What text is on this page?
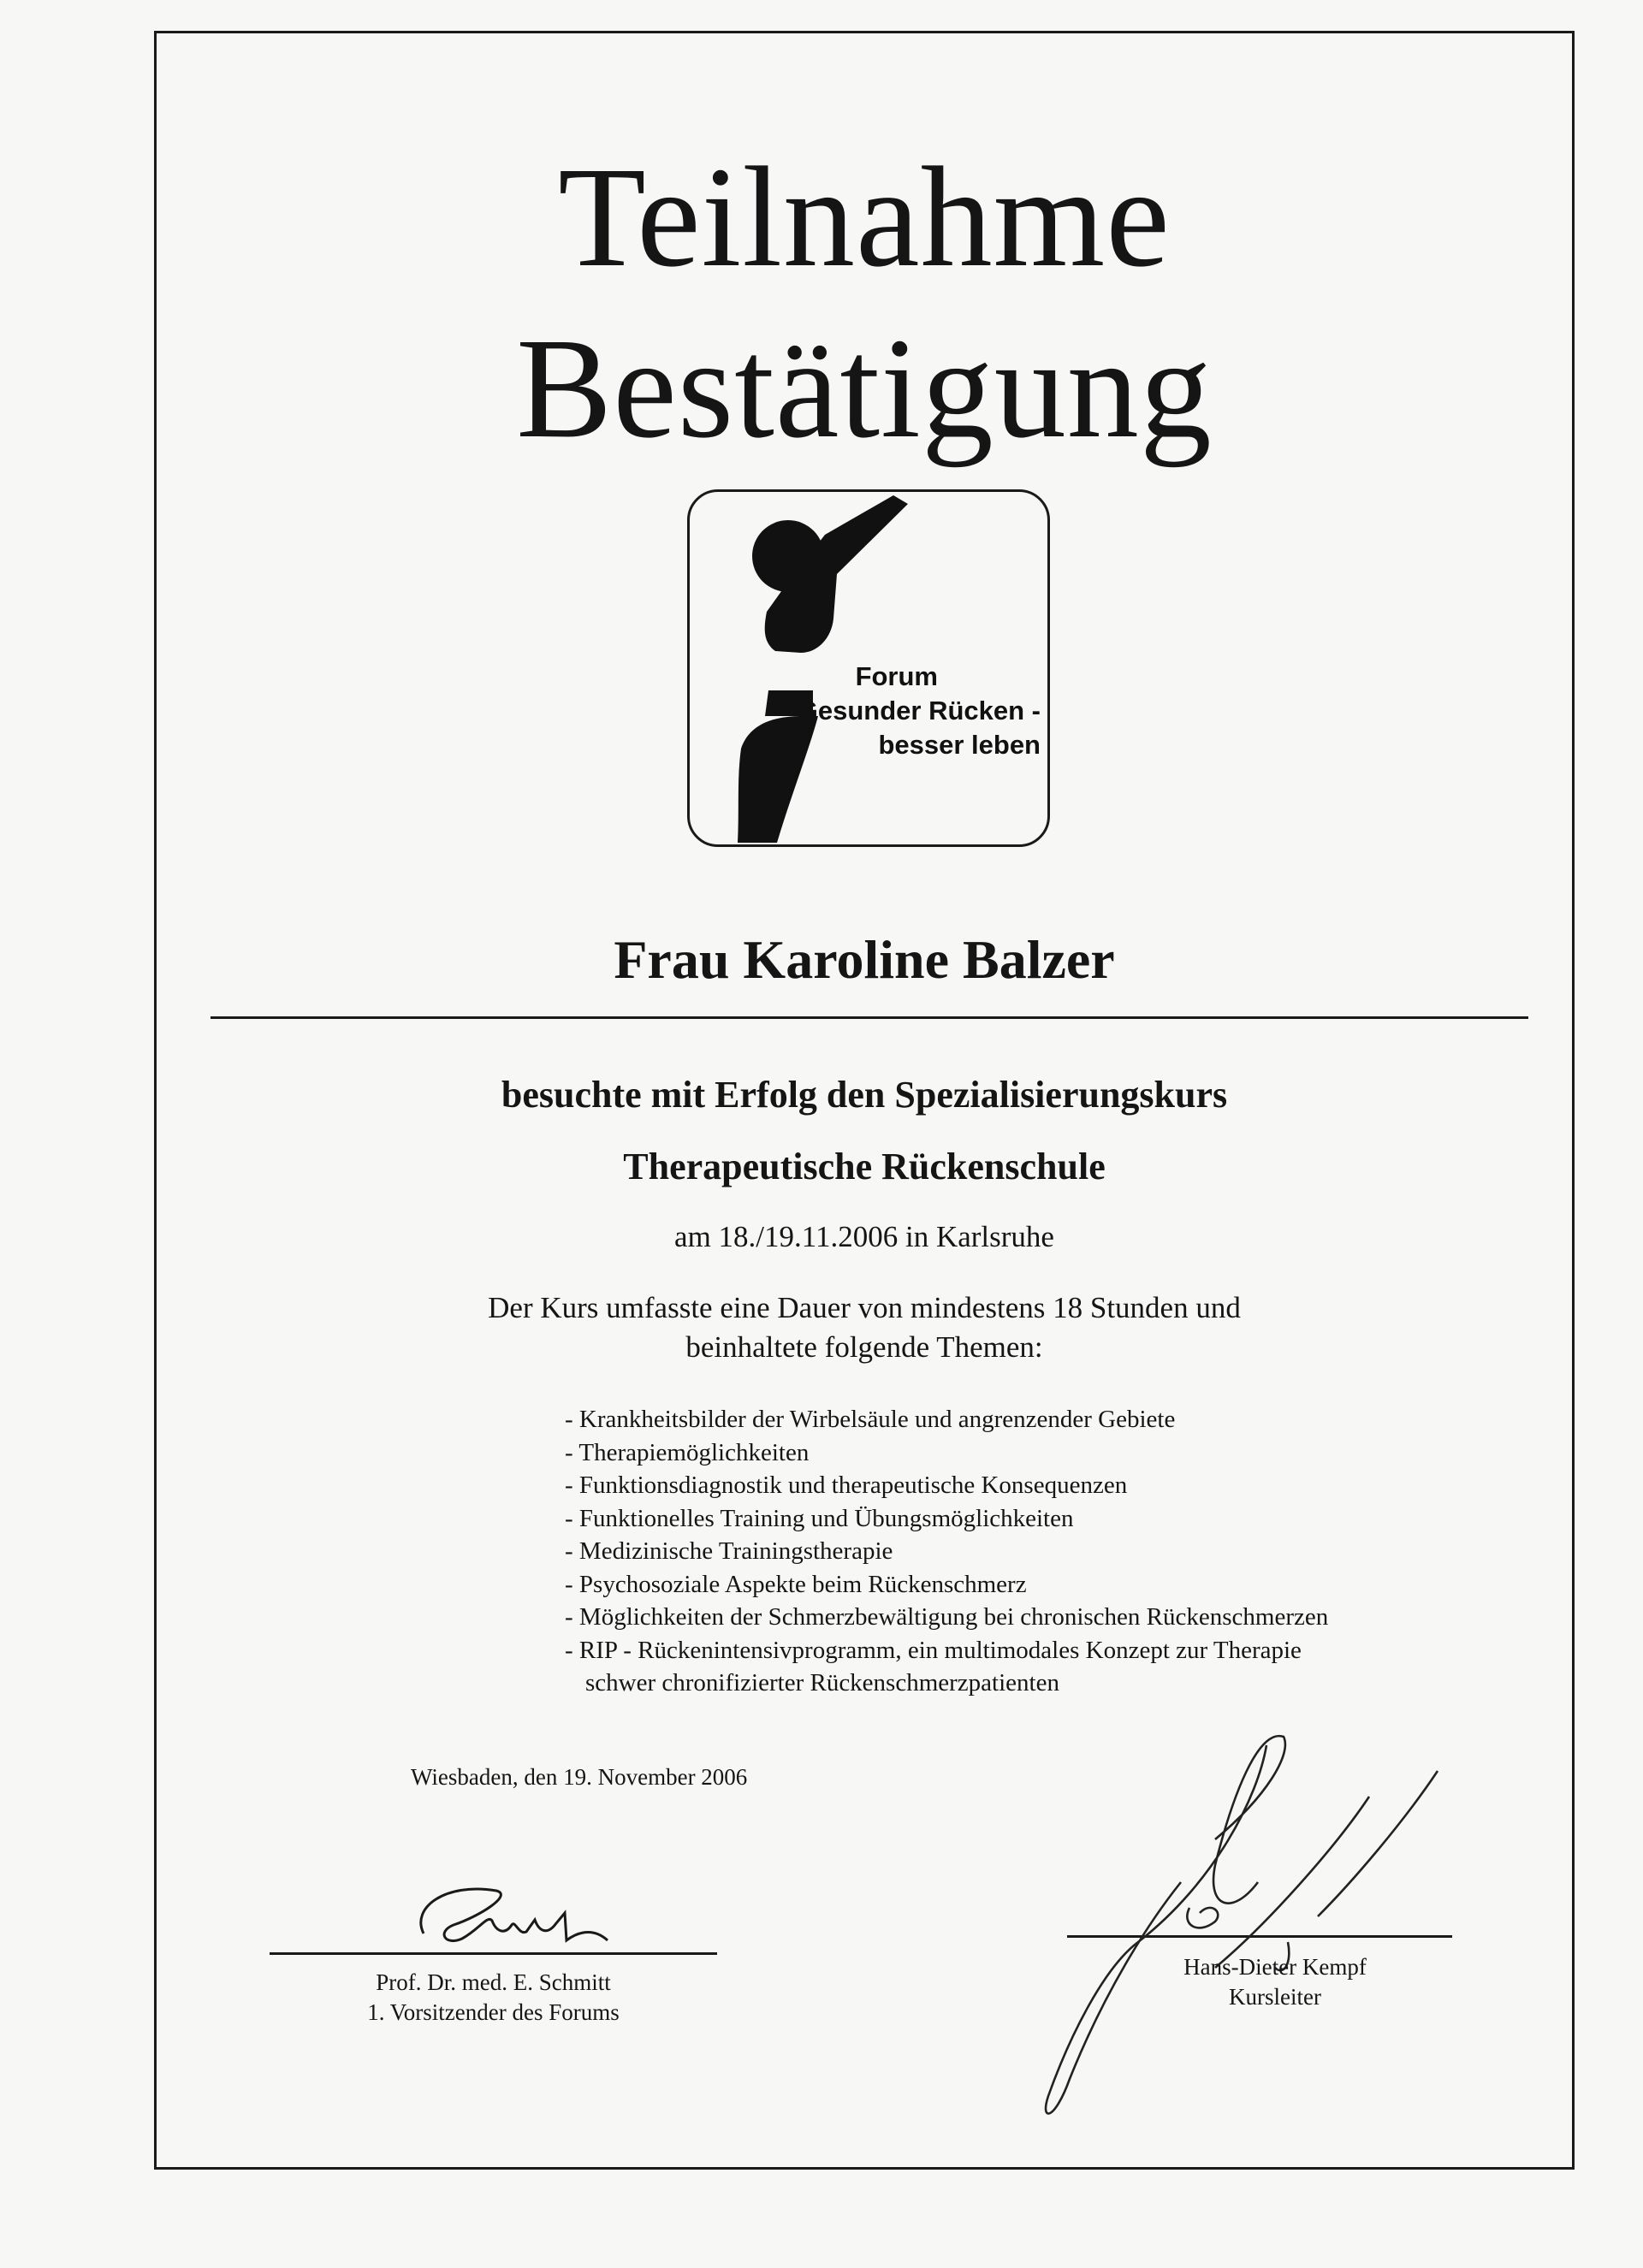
Teilnahme
Bestätigung
Forum
Gesunder Rücken -
besser leben
Frau Karoline Balzer
besuchte mit Erfolg den Spezialisierungskurs
Therapeutische Rückenschule
am 18./19.11.2006 in Karlsruhe
Der Kurs umfasste eine Dauer von mindestens 18 Stunden und
beinhaltete folgende Themen:
- Krankheitsbilder der Wirbelsäule und angrenzender Gebiete
- Therapiemöglichkeiten
- Funktionsdiagnostik und therapeutische Konsequenzen
- Funktionelles Training und Übungsmöglichkeiten
- Medizinische Trainingstherapie
- Psychosoziale Aspekte beim Rückenschmerz
- Möglichkeiten der Schmerzbewältigung bei chronischen Rückenschmerzen
- RIP - Rückenintensivprogramm, ein multimodales Konzept zur Therapie
schwer chronifizierter Rückenschmerzpatienten
Wiesbaden, den 19. November 2006
Prof. Dr. med. E. Schmitt
1. Vorsitzender des Forums
Hans-Dieter Kempf
Kursleiter
